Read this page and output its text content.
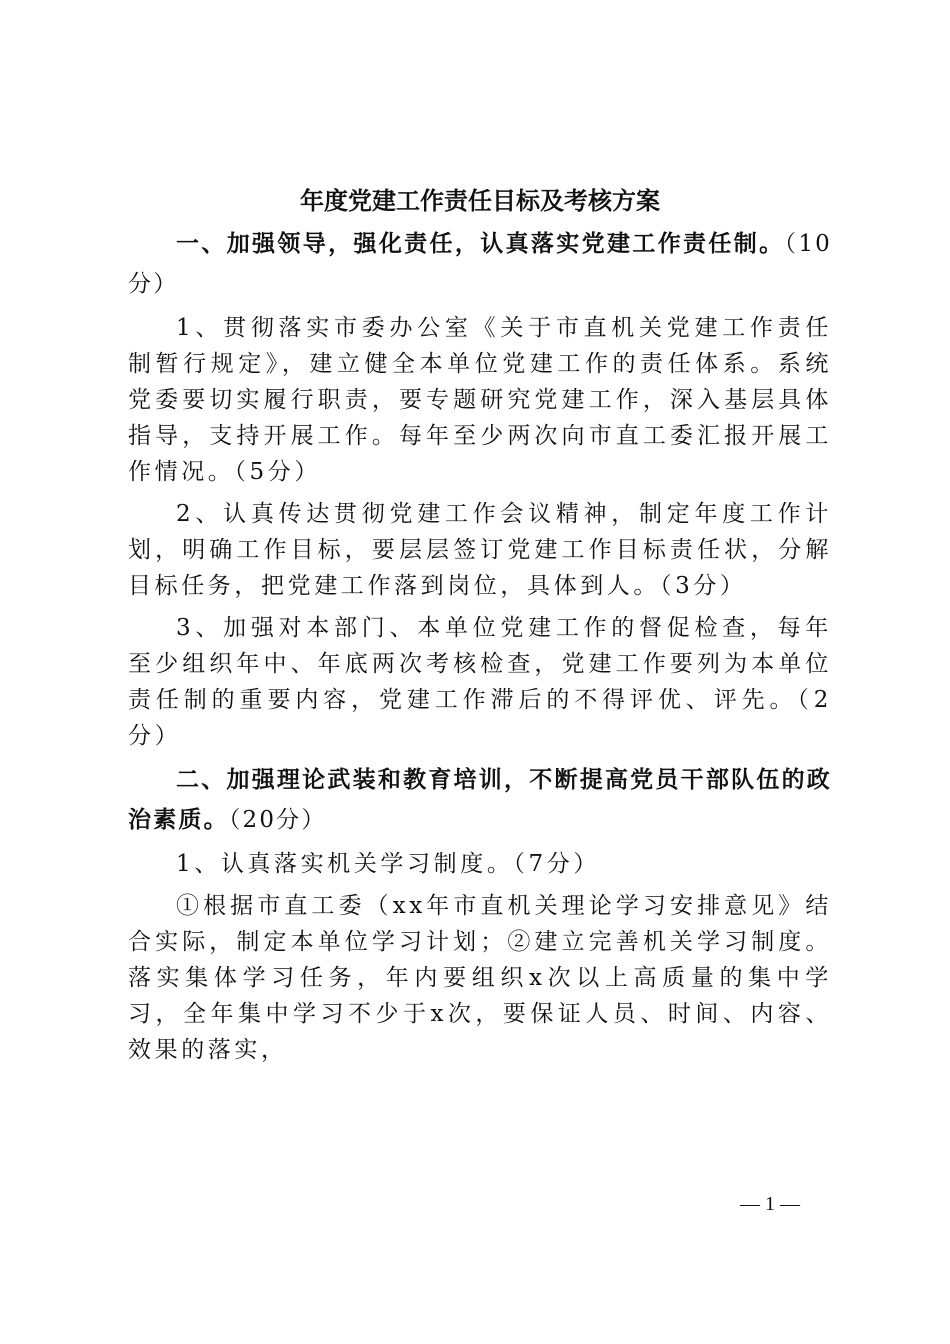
年度党建工作责任目标及考核方案
一、加强领导，强化责任，认真落实党建工作责任制。（10分）

1、贯彻落实市委办公室《关于市直机关党建工作责任制暂行规定》，建立健全本单位党建工作的责任体系。系统党委要切实履行职责，要专题研究党建工作，深入基层具体指导，支持开展工作。每年至少两次向市直工委汇报开展工作情况。（5分）

2、认真传达贯彻党建工作会议精神，制定年度工作计划，明确工作目标，要层层签订党建工作目标责任状，分解目标任务，把党建工作落到岗位，具体到人。（3分）

3、加强对本部门、本单位党建工作的督促检查，每年至少组织年中、年底两次考核检查，党建工作要列为本单位责任制的重要内容，党建工作滞后的不得评优、评先。（2分）

二、加强理论武装和教育培训，不断提高党员干部队伍的政治素质。（20分）

1、认真落实机关学习制度。（7分）

①根据市直工委（xx年市直机关理论学习安排意见》结合实际，制定本单位学习计划；②建立完善机关学习制度。落实集体学习任务，年内要组织x次以上高质量的集中学习，全年集中学习不少于x次，要保证人员、时间、内容、效果的落实，

— 1 —
